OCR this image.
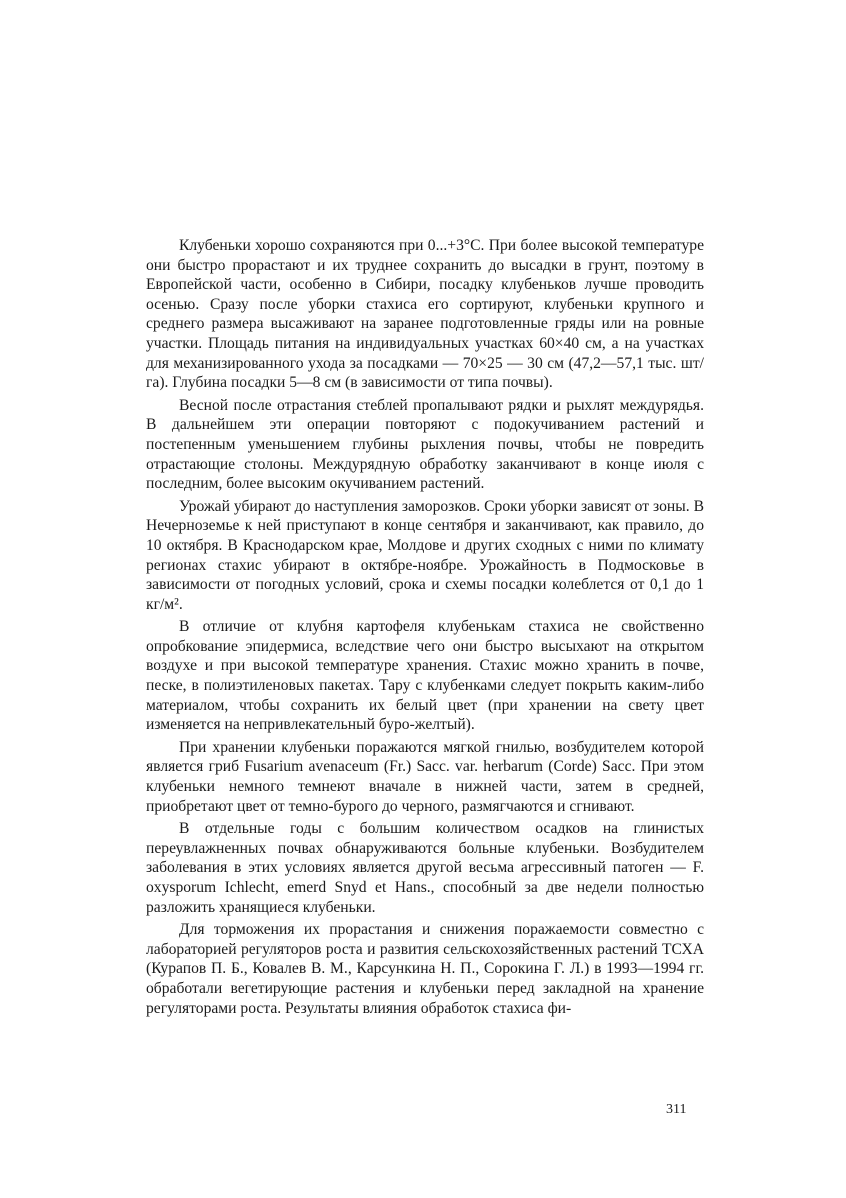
Клубеньки хорошо сохраняются при 0...+3°С. При более высокой температуре они быстро прорастают и их труднее сохранить до высадки в грунт, поэтому в Европейской части, особенно в Сибири, посадку клубеньков лучше проводить осенью. Сразу после уборки стахиса его сортируют, клубеньки крупного и среднего размера высаживают на заранее подготовленные гряды или на ровные участки. Площадь питания на индивидуальных участках 60×40 см, а на участках для механизированного ухода за посадками — 70×25 — 30 см (47,2—57,1 тыс. шт/га). Глубина посадки 5—8 см (в зависимости от типа почвы).

Весной после отрастания стеблей пропалывают рядки и рыхлят междурядья. В дальнейшем эти операции повторяют с подокучиванием растений и постепенным уменьшением глубины рыхления почвы, чтобы не повредить отрастающие столоны. Междурядную обработку заканчивают в конце июля с последним, более высоким окучиванием растений.

Урожай убирают до наступления заморозков. Сроки уборки зависят от зоны. В Нечерноземье к ней приступают в конце сентября и заканчивают, как правило, до 10 октября. В Краснодарском крае, Молдове и других сходных с ними по климату регионах стахис убирают в октябре-ноябре. Урожайность в Подмосковье в зависимости от погодных условий, срока и схемы посадки колеблется от 0,1 до 1 кг/м².

В отличие от клубня картофеля клубенькам стахиса не свойственно опробкование эпидермиса, вследствие чего они быстро высыхают на открытом воздухе и при высокой температуре хранения. Стахис можно хранить в почве, песке, в полиэтиленовых пакетах. Тару с клубенками следует покрыть каким-либо материалом, чтобы сохранить их белый цвет (при хранении на свету цвет изменяется на непривлекательный буро-желтый).

При хранении клубеньки поражаются мягкой гнилью, возбудителем которой является гриб Fusarium avenaceum (Fr.) Sacc. var. herbarum (Corde) Sacc. При этом клубеньки немного темнеют вначале в нижней части, затем в средней, приобретают цвет от темно-бурого до черного, размягчаются и сгнивают.

В отдельные годы с большим количеством осадков на глинистых переувлажненных почвах обнаруживаются больные клубеньки. Возбудителем заболевания в этих условиях является другой весьма агрессивный патоген — F. oxysporum Ichlecht, emerd Snyd et Hans., способный за две недели полностью разложить хранящиеся клубеньки.

Для торможения их прорастания и снижения поражаемости совместно с лабораторией регуляторов роста и развития сельскохозяйственных растений ТСХА (Курапов П. Б., Ковалев В. М., Карсункина Н. П., Сорокина Г. Л.) в 1993—1994 гг. обработали вегетирующие растения и клубеньки перед закладной на хранение регуляторами роста. Результаты влияния обработок стахиса фи-

311
